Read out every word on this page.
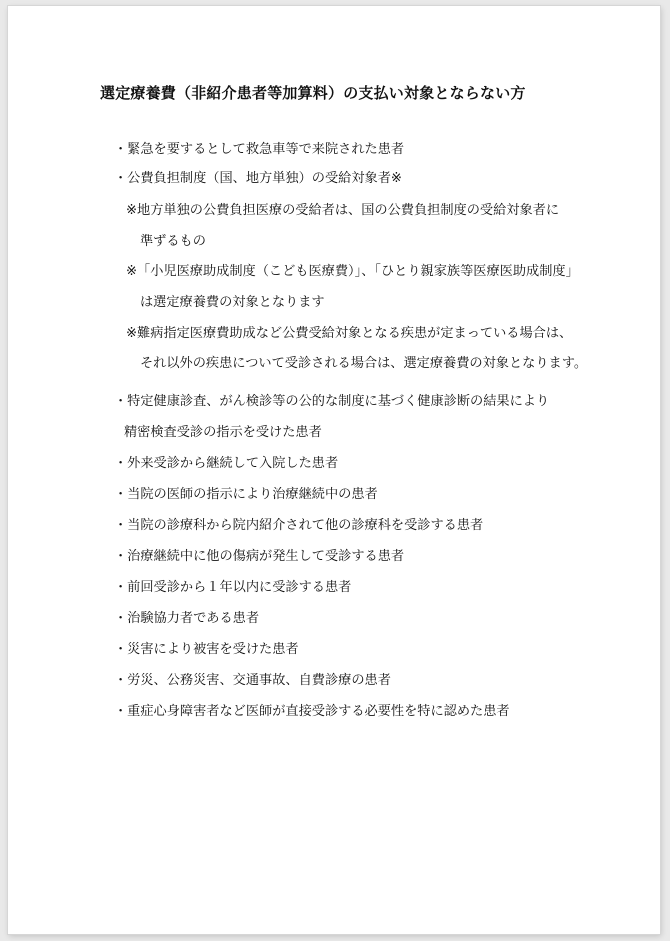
選定療養費（非紹介患者等加算料）の支払い対象とならない方
・緊急を要するとして救急車等で来院された患者
・公費負担制度（国、地方単独）の受給対象者※
※地方単独の公費負担医療の受給者は、国の公費負担制度の受給対象者に
準ずるもの
※「小児医療助成制度（こども医療費）」、「ひとり親家族等医療医助成制度」
は選定療養費の対象となります
※難病指定医療費助成など公費受給対象となる疾患が定まっている場合は、
それ以外の疾患について受診される場合は、選定療養費の対象となります。
・特定健康診査、がん検診等の公的な制度に基づく健康診断の結果により
精密検査受診の指示を受けた患者
・外来受診から継続して入院した患者
・当院の医師の指示により治療継続中の患者
・当院の診療科から院内紹介されて他の診療科を受診する患者
・治療継続中に他の傷病が発生して受診する患者
・前回受診から１年以内に受診する患者
・治験協力者である患者
・災害により被害を受けた患者
・労災、公務災害、交通事故、自費診療の患者
・重症心身障害者など医師が直接受診する必要性を特に認めた患者
